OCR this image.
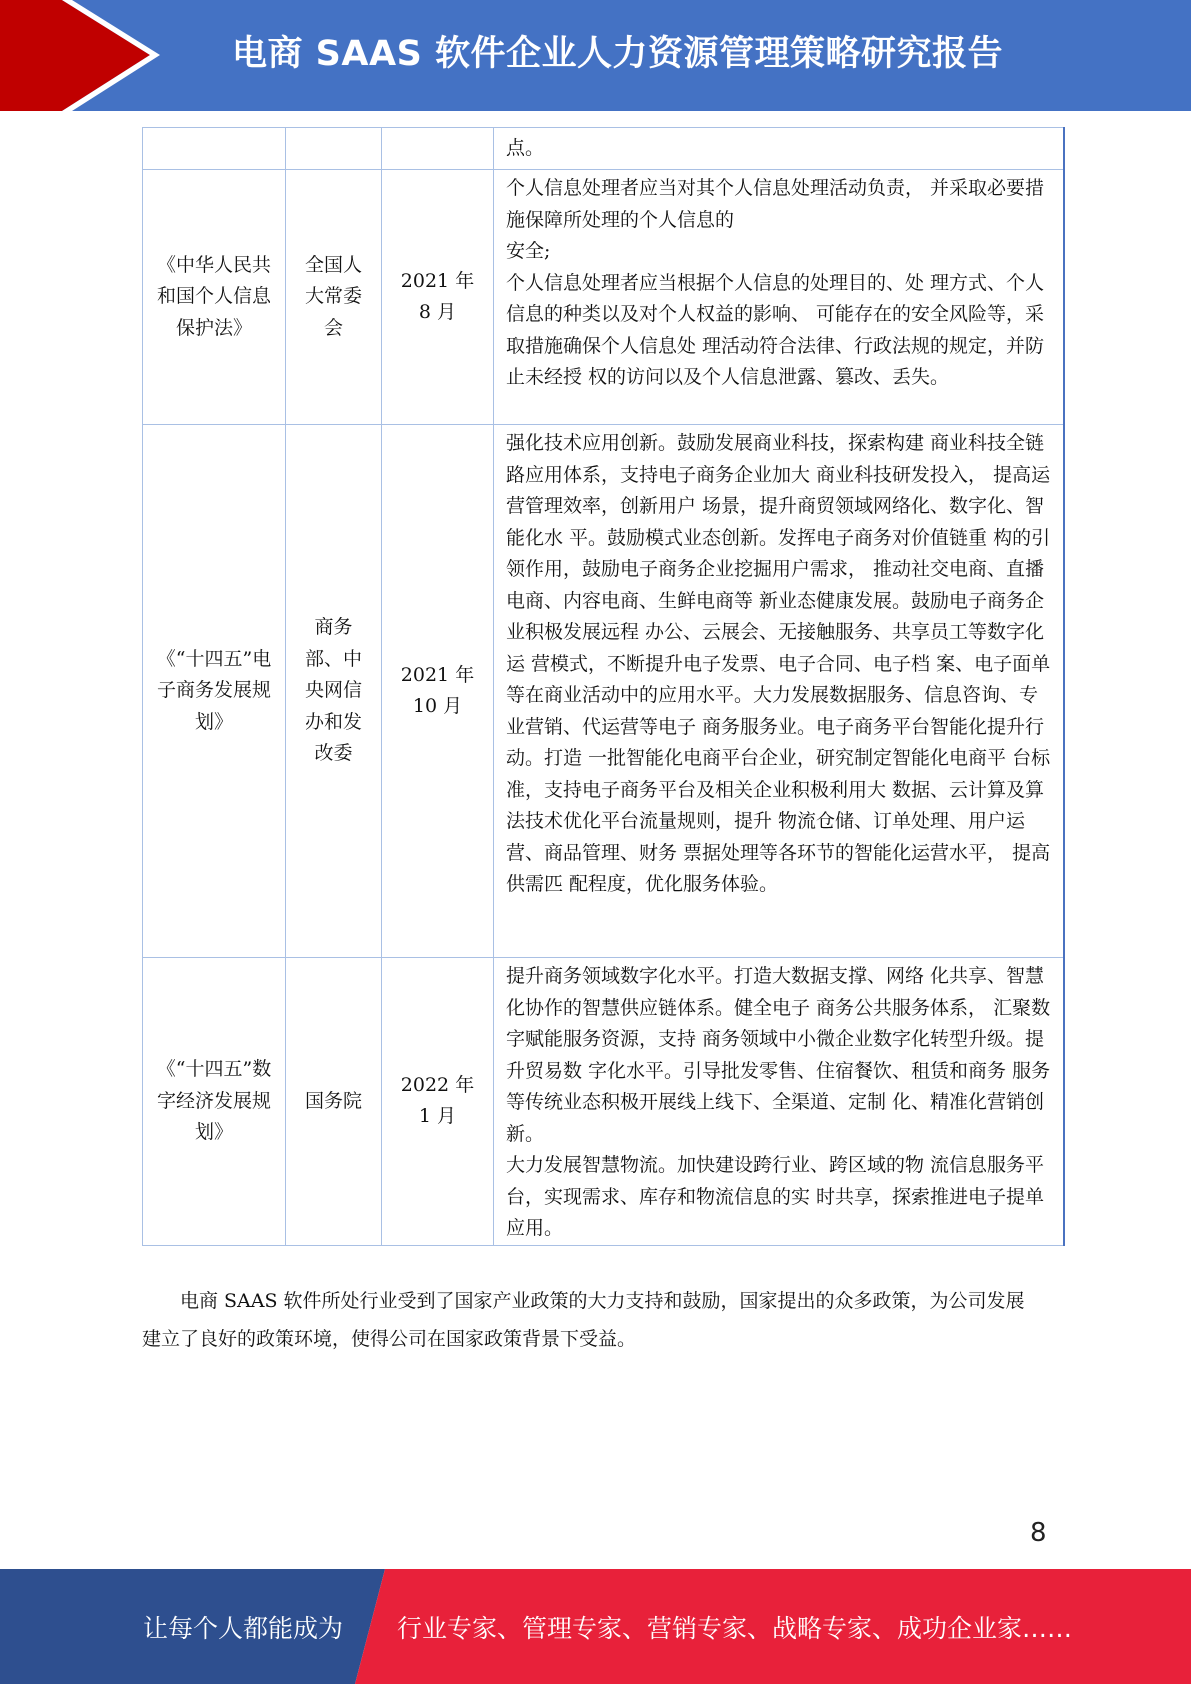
电商 SAAS 软件企业人力资源管理策略研究报告

			点。

《中华人民共和国个人信息保护法》	全国人大常委会	2021 年 8 月	个人信息处理者应当对其个人信息处理活动负责， 并采取必要措施保障所处理的个人信息的

安全;

个人信息处理者应当根据个人信息的处理目的、处 理方式、个人信息的种类以及对个人权益的影响、 可能存在的安全风险等，采取措施确保个人信息处 理活动符合法律、行政法规的规定，并防止未经授 权的访问以及个人信息泄露、篡改、丢失。

《“十四五”电子商务发展规划》	商务部、中央网信办和发改委	2021 年 10 月	强化技术应用创新。鼓励发展商业科技，探索构建 商业科技全链路应用体系，支持电子商务企业加大 商业科技研发投入， 提高运营管理效率，创新用户 场景，提升商贸领域网络化、数字化、智能化水 平。鼓励模式业态创新。发挥电子商务对价值链重 构的引领作用，鼓励电子商务企业挖掘用户需求， 推动社交电商、直播电商、内容电商、生鲜电商等 新业态健康发展。鼓励电子商务企业积极发展远程 办公、云展会、无接触服务、共享员工等数字化运 营模式，不断提升电子发票、电子合同、电子档 案、电子面单等在商业活动中的应用水平。大力发展数据服务、信息咨询、专业营销、代运营等电子 商务服务业。电子商务平台智能化提升行动。打造 一批智能化电商平台企业，研究制定智能化电商平 台标准，支持电子商务平台及相关企业积极利用大 数据、云计算及算法技术优化平台流量规则，提升 物流仓储、订单处理、用户运营、商品管理、财务 票据处理等各环节的智能化运营水平， 提高供需匹 配程度，优化服务体验。

《“十四五”数字经济发展规划》	国务院	2022 年 1 月	提升商务领域数字化水平。打造大数据支撑、网络 化共享、智慧化协作的智慧供应链体系。健全电子 商务公共服务体系， 汇聚数字赋能服务资源，支持 商务领域中小微企业数字化转型升级。提升贸易数 字化水平。引导批发零售、住宿餐饮、租赁和商务 服务等传统业态积极开展线上线下、全渠道、定制 化、精准化营销创新。

大力发展智慧物流。加快建设跨行业、跨区域的物 流信息服务平台，实现需求、库存和物流信息的实 时共享，探索推进电子提单应用。

电商 SAAS 软件所处行业受到了国家产业政策的大力支持和鼓励，国家提出的众多政策，为公司发展建立了良好的政策环境，使得公司在国家政策背景下受益。

8
让每个人都能成为 行业专家、管理专家、营销专家、战略专家、成功企业家……
